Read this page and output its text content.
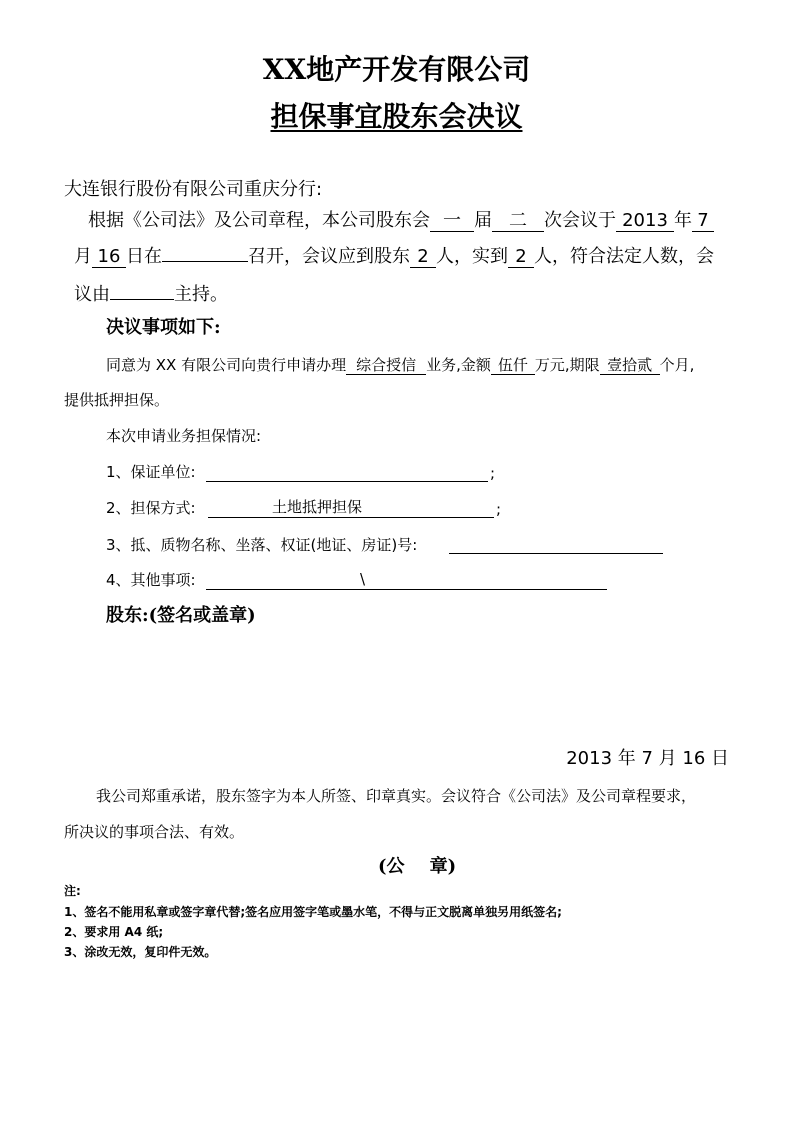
XX地产开发有限公司
担保事宜股东会决议
大连银行股份有限公司重庆分行:
根据《公司法》及公司章程，本公司股东会 一 届 二 次会议于 2013 年 7
月 16 日在	召开，会议应到股东 2 人，实到 2 人，符合法定人数，会
议由	主持。
决议事项如下:
同意为 XX 有限公司向贵行申请办理 综合授信 业务,金额 伍仟 万元,期限 壹拾贰 个月,
提供抵押担保。
本次申请业务担保情况:
1、保证单位:	;
2、担保方式:	土地抵押担保	;
3、抵、质物名称、坐落、权证(地证、房证)号:
4、其他事项:	\
股东:(签名或盖章)
2013 年 7 月 16 日
我公司郑重承诺，股东签字为本人所签、印章真实。会议符合《公司法》及公司章程要求，
所决议的事项合法、有效。
(公    章)
注:
1、签名不能用私章或签字章代替;签名应用签字笔或墨水笔，不得与正文脱离单独另用纸签名;
2、要求用 A4 纸;
3、涂改无效，复印件无效。
